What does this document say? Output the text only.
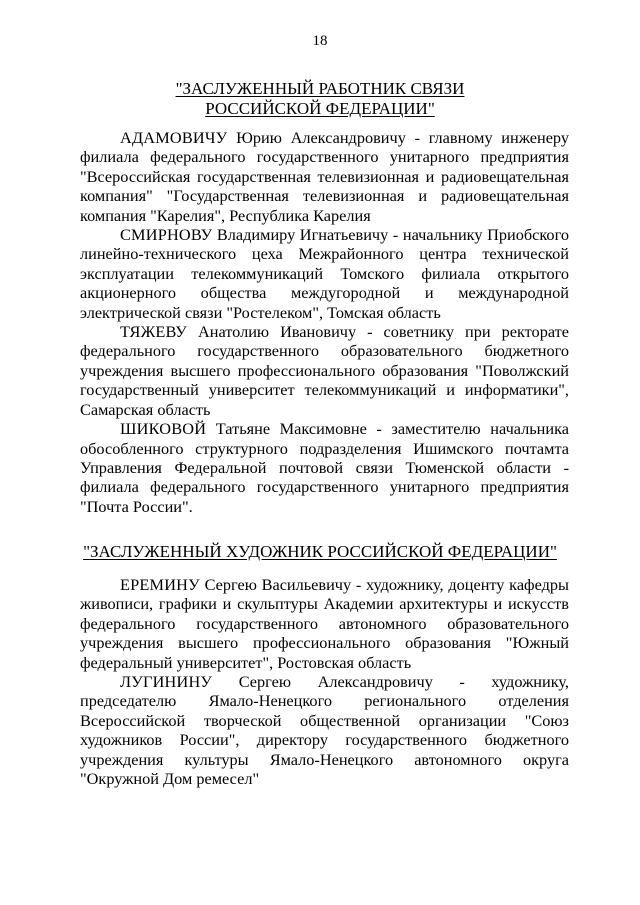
18
"ЗАСЛУЖЕННЫЙ РАБОТНИК СВЯЗИ
РОССИЙСКОЙ ФЕДЕРАЦИИ"

АДАМОВИЧУ Юрию Александровичу - главному инженеру филиала федерального государственного унитарного предприятия "Всероссийская государственная телевизионная и радиовещательная компания" "Государственная телевизионная и радиовещательная компания "Карелия", Республика Карелия

СМИРНОВУ Владимиру Игнатьевичу - начальнику Приобского линейно-технического цеха Межрайонного центра технической эксплуатации телекоммуникаций Томского филиала открытого акционерного общества междугородной и международной электрической связи "Ростелеком", Томская область

ТЯЖЕВУ Анатолию Ивановичу - советнику при ректорате федерального государственного образовательного бюджетного учреждения высшего профессионального образования "Поволжский государственный университет телекоммуникаций и информатики", Самарская область

ШИКОВОЙ Татьяне Максимовне - заместителю начальника обособленного структурного подразделения Ишимского почтамта Управления Федеральной почтовой связи Тюменской области - филиала федерального государственного унитарного предприятия "Почта России".

"ЗАСЛУЖЕННЫЙ ХУДОЖНИК РОССИЙСКОЙ ФЕДЕРАЦИИ"

ЕРЕМИНУ Сергею Васильевичу - художнику, доценту кафедры живописи, графики и скульптуры Академии архитектуры и искусств федерального государственного автономного образовательного учреждения высшего профессионального образования "Южный федеральный университет", Ростовская область

ЛУГИНИНУ Сергею Александровичу - художнику, председателю Ямало-Ненецкого регионального отделения Всероссийской творческой общественной организации "Союз художников России", директору государственного бюджетного учреждения культуры Ямало-Ненецкого автономного округа "Окружной Дом ремесел"
